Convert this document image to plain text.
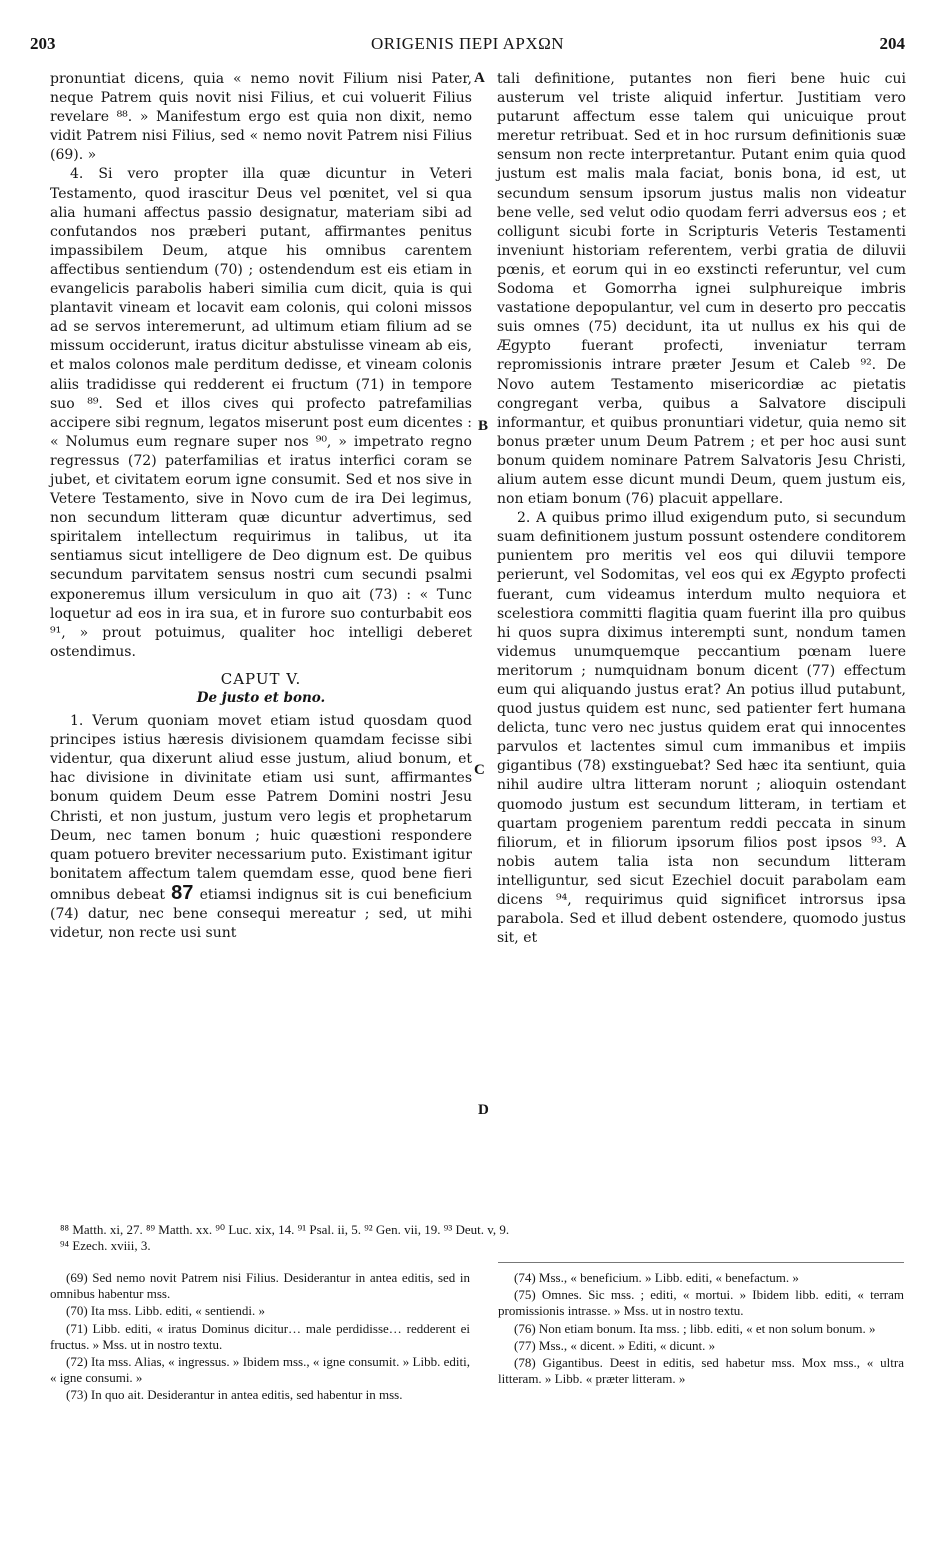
203	ORIGENIS ΠΕΡΙ ΑΡΧΩΝ	204
A
B
C
D

pronuntiat dicens, quia « nemo novit Filium nisi Pater, neque Patrem quis novit nisi Filius, et cui voluerit Filius revelare ⁸⁸. » Manifestum ergo est quia non dixit, nemo vidit Patrem nisi Filius, sed « nemo novit Patrem nisi Filius (69). »

4. Si vero propter illa quæ dicuntur in Veteri Testamento, quod irascitur Deus vel pœnitet, vel si qua alia humani affectus passio designatur, materiam sibi ad confutandos nos præberi putant, affirmantes penitus impassibilem Deum, atque his omnibus carentem affectibus sentiendum (70) ; ostendendum est eis etiam in evangelicis parabolis haberi similia cum dicit, quia is qui plantavit vineam et locavit eam colonis, qui coloni missos ad se servos interemerunt, ad ultimum etiam filium ad se missum occiderunt, iratus dicitur abstulisse vineam ab eis, et malos colonos male perditum dedisse, et vineam colonis aliis tradidisse qui redderent ei fructum (71) in tempore suo ⁸⁹. Sed et illos cives qui profecto patrefamilias accipere sibi regnum, legatos miserunt post eum dicentes : « Nolumus eum regnare super nos ⁹⁰, » impetrato regno regressus (72) paterfamilias et iratus interfici coram se jubet, et civitatem eorum igne consumit. Sed et nos sive in Vetere Testamento, sive in Novo cum de ira Dei legimus, non secundum litteram quæ dicuntur advertimus, sed spiritalem intellectum requirimus in talibus, ut ita sentiamus sicut intelligere de Deo dignum est. De quibus secundum parvitatem sensus nostri cum secundi psalmi exponeremus illum versiculum in quo ait (73) : « Tunc loquetur ad eos in ira sua, et in furore suo conturbabit eos ⁹¹, » prout potuimus, qualiter hoc intelligi deberet ostendimus.

CAPUT V.

De justo et bono.

1. Verum quoniam movet etiam istud quosdam quod principes istius hæresis divisionem quamdam fecisse sibi videntur, qua dixerunt aliud esse justum, aliud bonum, et hac divisione in divinitate etiam usi sunt, affirmantes bonum quidem Deum esse Patrem Domini nostri Jesu Christi, et non justum, justum vero legis et prophetarum Deum, nec tamen bonum ; huic quæstioni respondere quam potuero breviter necessarium puto. Existimant igitur bonitatem affectum talem quemdam esse, quod bene fieri omnibus debeat 87 etiamsi indignus sit is cui beneficium (74) datur, nec bene consequi mereatur ; sed, ut mihi videtur, non recte usi sunt

tali definitione, putantes non fieri bene huic cui austerum vel triste aliquid infertur. Justitiam vero putarunt affectum esse talem qui unicuique prout meretur retribuat. Sed et in hoc rursum definitionis suæ sensum non recte interpretantur. Putant enim quia quod justum est malis mala faciat, bonis bona, id est, ut secundum sensum ipsorum justus malis non videatur bene velle, sed velut odio quodam ferri adversus eos ; et colligunt sicubi forte in Scripturis Veteris Testamenti inveniunt historiam referentem, verbi gratia de diluvii pœnis, et eorum qui in eo exstincti referuntur, vel cum Sodoma et Gomorrha ignei sulphureique imbris vastatione depopulantur, vel cum in deserto pro peccatis suis omnes (75) decidunt, ita ut nullus ex his qui de Ægypto fuerant profecti, inveniatur terram repromissionis intrare præter Jesum et Caleb ⁹². De Novo autem Testamento misericordiæ ac pietatis congregant verba, quibus a Salvatore discipuli informantur, et quibus pronuntiari videtur, quia nemo sit bonus præter unum Deum Patrem ; et per hoc ausi sunt bonum quidem nominare Patrem Salvatoris Jesu Christi, alium autem esse dicunt mundi Deum, quem justum eis, non etiam bonum (76) placuit appellare.

2. A quibus primo illud exigendum puto, si secundum suam definitionem justum possunt ostendere conditorem punientem pro meritis vel eos qui diluvii tempore perierunt, vel Sodomitas, vel eos qui ex Ægypto profecti fuerant, cum videamus interdum multo nequiora et scelestiora committi flagitia quam fuerint illa pro quibus hi quos supra diximus interempti sunt, nondum tamen videmus unumquemque peccantium pœnam luere meritorum ; numquidnam bonum dicent (77) effectum eum qui aliquando justus erat? An potius illud putabunt, quod justus quidem est nunc, sed patienter fert humana delicta, tunc vero nec justus quidem erat qui innocentes parvulos et lactentes simul cum immanibus et impiis gigantibus (78) exstinguebat? Sed hæc ita sentiunt, quia nihil audire ultra litteram norunt ; alioquin ostendant quomodo justum est secundum litteram, in tertiam et quartam progeniem parentum reddi peccata in sinum filiorum, et in filiorum ipsorum filios post ipsos ⁹³. A nobis autem talia ista non secundum litteram intelliguntur, sed sicut Ezechiel docuit parabolam eam dicens ⁹⁴, requirimus quid significet introrsus ipsa parabola. Sed et illud debent ostendere, quomodo justus sit, et

⁸⁸ Matth. xi, 27. ⁸⁹ Matth. xx. ⁹⁰ Luc. xix, 14. ⁹¹ Psal. ii, 5. ⁹² Gen. vii, 19. ⁹³ Deut. v, 9.

⁹⁴ Ezech. xviii, 3.

(69) Sed nemo novit Patrem nisi Filius. Desiderantur in antea editis, sed in omnibus habentur mss.

(70) Ita mss. Libb. editi, « sentiendi. »

(71) Libb. editi, « iratus Dominus dicitur… male perdidisse… redderent ei fructus. » Mss. ut in nostro textu.

(72) Ita mss. Alias, « ingressus. » Ibidem mss., « igne consumit. » Libb. editi, « igne consumi. »

(73) In quo ait. Desiderantur in antea editis, sed habentur in mss.

(74) Mss., « beneficium. » Libb. editi, « benefactum. »

(75) Omnes. Sic mss. ; editi, « mortui. » Ibidem libb. editi, « terram promissionis intrasse. » Mss. ut in nostro textu.

(76) Non etiam bonum. Ita mss. ; libb. editi, « et non solum bonum. »

(77) Mss., « dicent. » Editi, « dicunt. »

(78) Gigantibus. Deest in editis, sed habetur mss. Mox mss., « ultra litteram. » Libb. « præter litteram. »
